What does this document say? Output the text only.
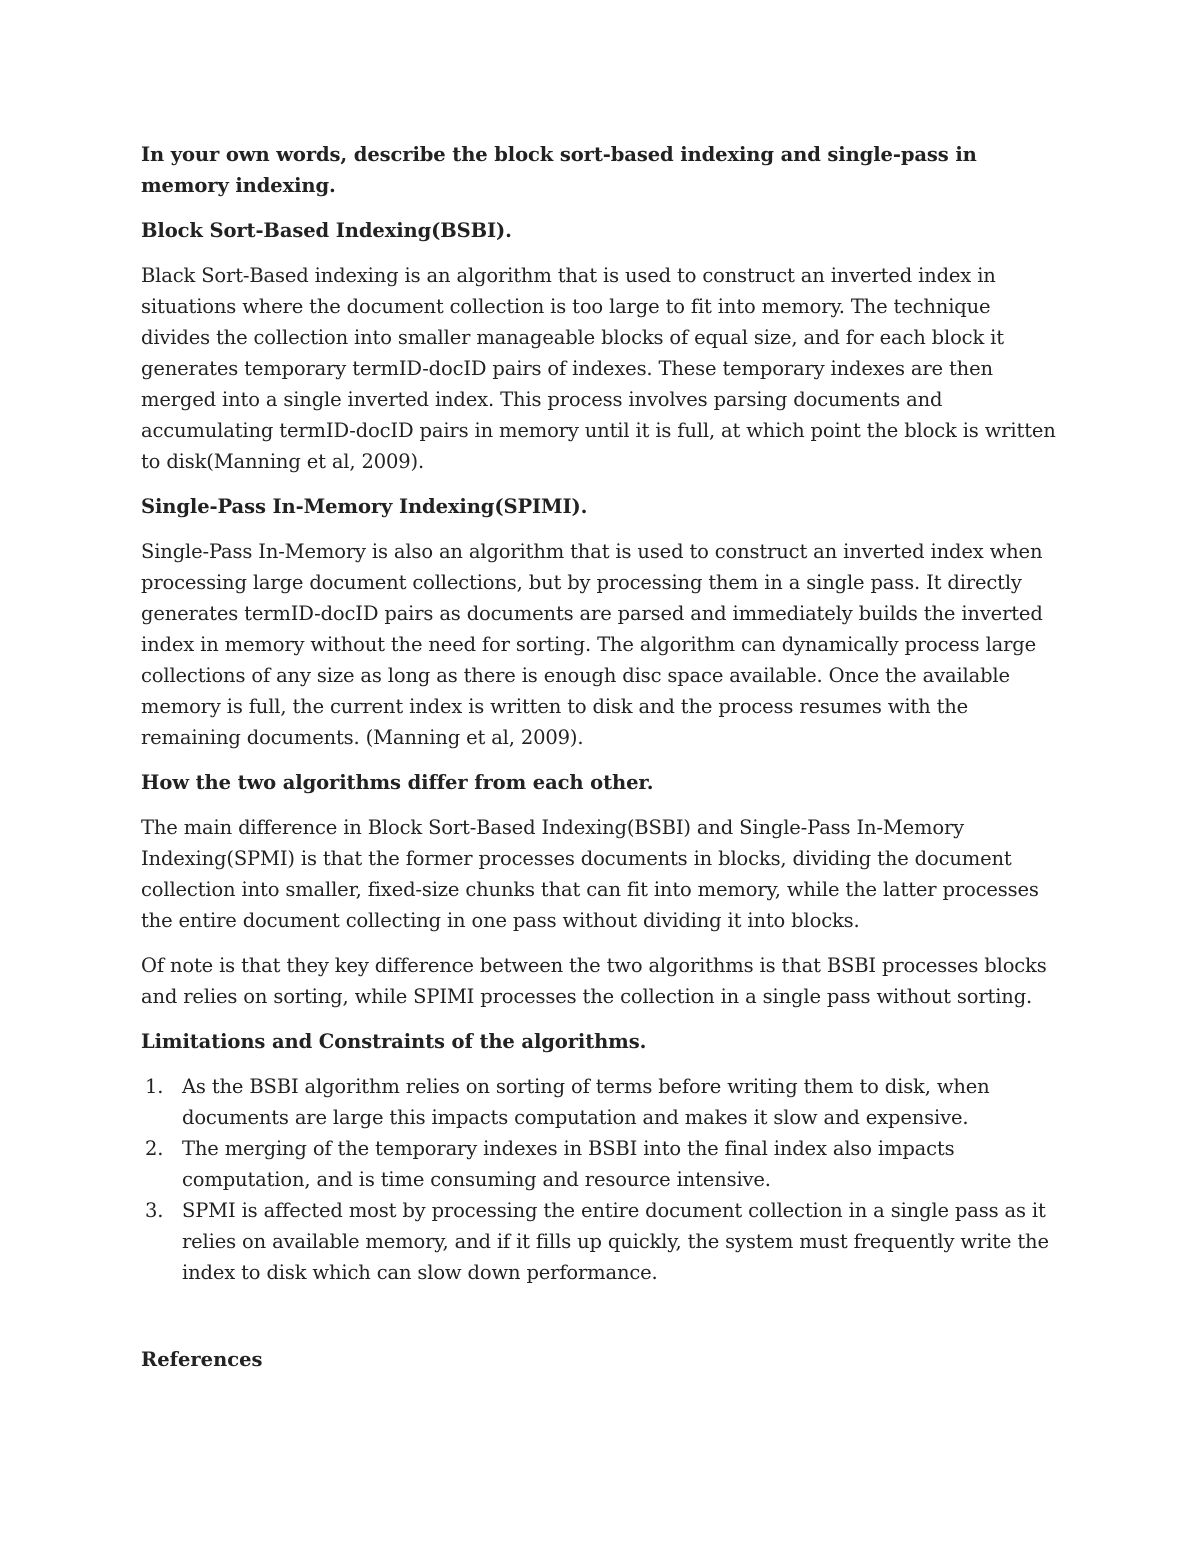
In your own words, describe the block sort-based indexing and single-pass in memory indexing.
Block Sort-Based Indexing(BSBI).
Black Sort-Based indexing is an algorithm that is used to construct an inverted index in situations where the document collection is too large to fit into memory. The technique divides the collection into smaller manageable blocks of equal size, and for each block it generates temporary termID-docID pairs of indexes. These temporary indexes are then merged into a single inverted index. This process involves parsing documents and accumulating termID-docID pairs in memory until it is full, at which point the block is written to disk(Manning et al, 2009).
Single-Pass In-Memory Indexing(SPIMI).
Single-Pass In-Memory is also an algorithm that is used to construct an inverted index when processing large document collections, but by processing them in a single pass. It directly generates termID-docID pairs as documents are parsed and immediately builds the inverted index in memory without the need for sorting. The algorithm can dynamically process large collections of any size as long as there is enough disc space available. Once the available memory is full, the current index is written to disk and the process resumes with the remaining documents. (Manning et al, 2009).
How the two algorithms differ from each other.
The main difference in Block Sort-Based Indexing(BSBI) and Single-Pass In-Memory Indexing(SPMI) is that the former processes documents in blocks, dividing the document collection into smaller, fixed-size chunks that can fit into memory, while the latter processes the entire document collecting in one pass without dividing it into blocks.
Of note is that they key difference between the two algorithms is that BSBI processes blocks and relies on sorting, while SPIMI processes the collection in a single pass without sorting.
Limitations and Constraints of the algorithms.
1. As the BSBI algorithm relies on sorting of terms before writing them to disk, when documents are large this impacts computation and makes it slow and expensive.
2. The merging of the temporary indexes in BSBI into the final index also impacts computation, and is time consuming and resource intensive.
3. SPMI is affected most by processing the entire document collection in a single pass as it relies on available memory, and if it fills up quickly, the system must frequently write the index to disk which can slow down performance.
References
